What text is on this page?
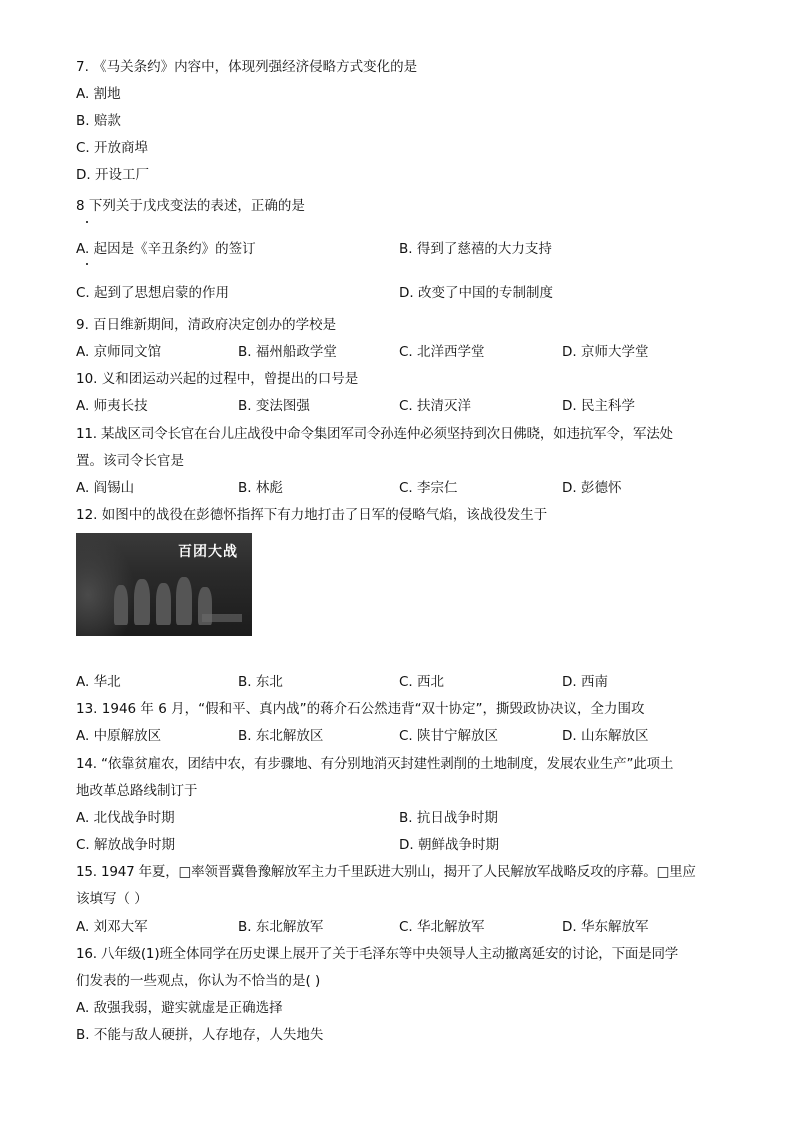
7. 《马关条约》内容中，体现列强经济侵略方式变化的是
A. 割地
B. 赔款
C. 开放商埠
D. 开设工厂
8 下列关于戊戌变法的表述，正确的是
A. 起因是《辛丑条约》的签订	B. 得到了慈禧的大力支持
C. 起到了思想启蒙的作用	D. 改变了中国的专制制度
9. 百日维新期间，清政府决定创办的学校是
A. 京师同文馆	B. 福州船政学堂	C. 北洋西学堂	D. 京师大学堂
10. 义和团运动兴起的过程中，曾提出的口号是
A. 师夷长技	B. 变法图强	C. 扶清灭洋	D. 民主科学
11. 某战区司令长官在台儿庄战役中命令集团军司令孙连仲必须坚持到次日佛晓，如违抗军令，军法处
置。该司令长官是
A. 阎锡山	B. 林彪	C. 李宗仁	D. 彭德怀
12. 如图中的战役在彭德怀指挥下有力地打击了日军的侵略气焰，该战役发生于
百团大战
A. 华北	B. 东北	C. 西北	D. 西南
13. 1946 年 6 月，“假和平、真内战”的蒋介石公然违背“双十协定”，撕毁政协决议，全力围攻
A. 中原解放区	B. 东北解放区	C. 陕甘宁解放区	D. 山东解放区
14. “依靠贫雇农，团结中农，有步骤地、有分别地消灭封建性剥削的土地制度，发展农业生产”此项土
地改革总路线制订于
A. 北伐战争时期	B. 抗日战争时期
C. 解放战争时期	D. 朝鲜战争时期
15. 1947 年夏，□率领晋冀鲁豫解放军主力千里跃进大别山，揭开了人民解放军战略反攻的序幕。□里应
该填写（ ）
A. 刘邓大军	B. 东北解放军	C. 华北解放军	D. 华东解放军
16. 八年级(1)班全体同学在历史课上展开了关于毛泽东等中央领导人主动撤离延安的讨论，下面是同学
们发表的一些观点，你认为不恰当的是( )
A. 敌强我弱，避实就虚是正确选择
B. 不能与敌人硬拼，人存地存，人失地失
